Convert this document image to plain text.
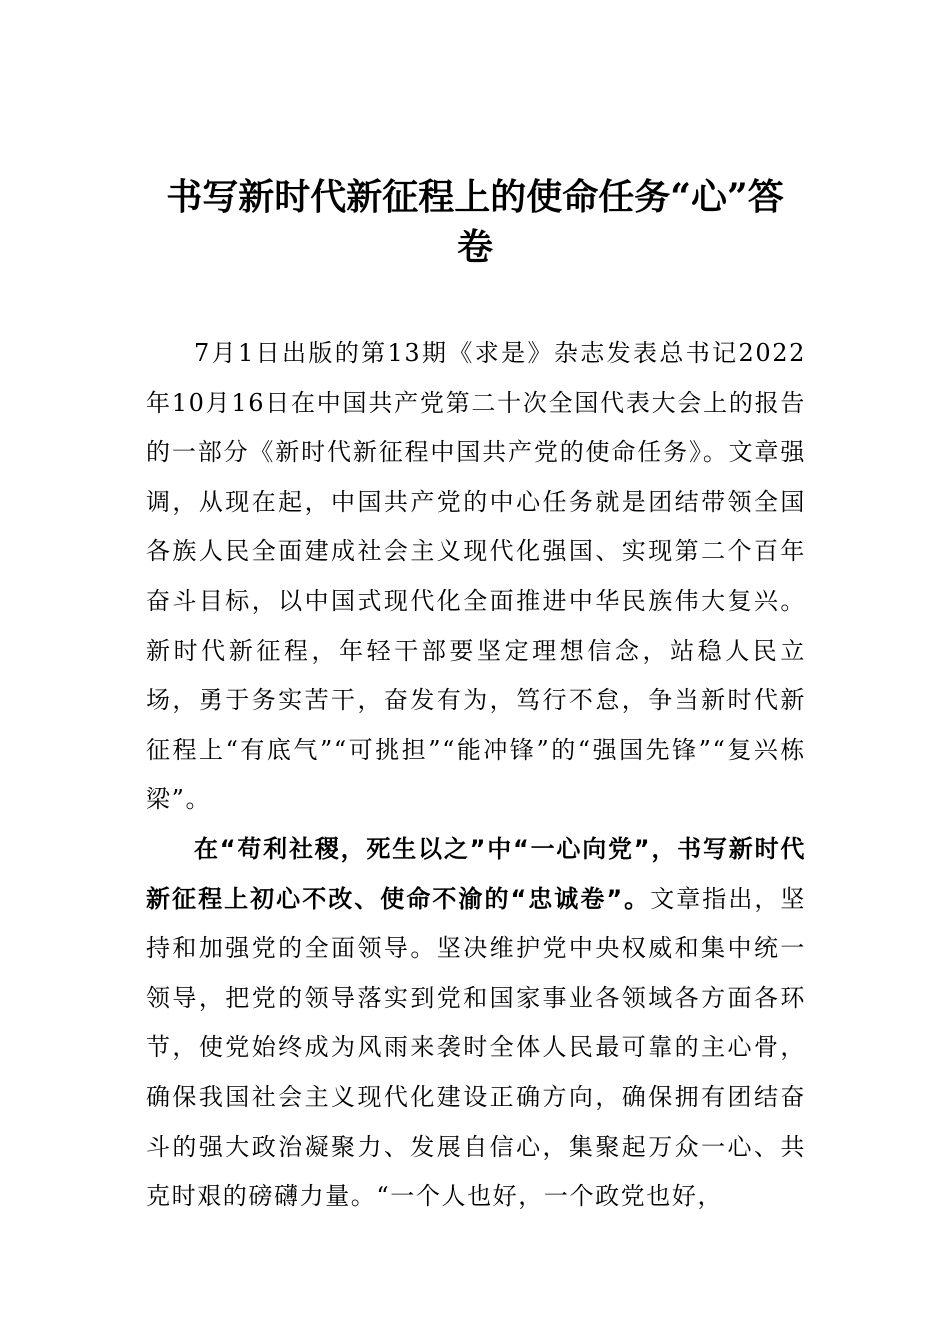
书写新时代新征程上的使命任务“心”答
卷

7月1日出版的第13期《求是》杂志发表总书记2022年10月16日在中国共产党第二十次全国代表大会上的报告的一部分《新时代新征程中国共产党的使命任务》。文章强调，从现在起，中国共产党的中心任务就是团结带领全国各族人民全面建成社会主义现代化强国、实现第二个百年奋斗目标，以中国式现代化全面推进中华民族伟大复兴。新时代新征程，年轻干部要坚定理想信念，站稳人民立场，勇于务实苦干，奋发有为，笃行不怠，争当新时代新征程上“有底气”“可挑担”“能冲锋”的“强国先锋”“复兴栋梁”。

在“苟利社稷，死生以之”中“一心向党”，书写新时代新征程上初心不改、使命不渝的“忠诚卷”。文章指出，坚持和加强党的全面领导。坚决维护党中央权威和集中统一领导，把党的领导落实到党和国家事业各领域各方面各环节，使党始终成为风雨来袭时全体人民最可靠的主心骨，确保我国社会主义现代化建设正确方向，确保拥有团结奋斗的强大政治凝聚力、发展自信心，集聚起万众一心、共克时艰的磅礴力量。“一个人也好，一个政党也好，
